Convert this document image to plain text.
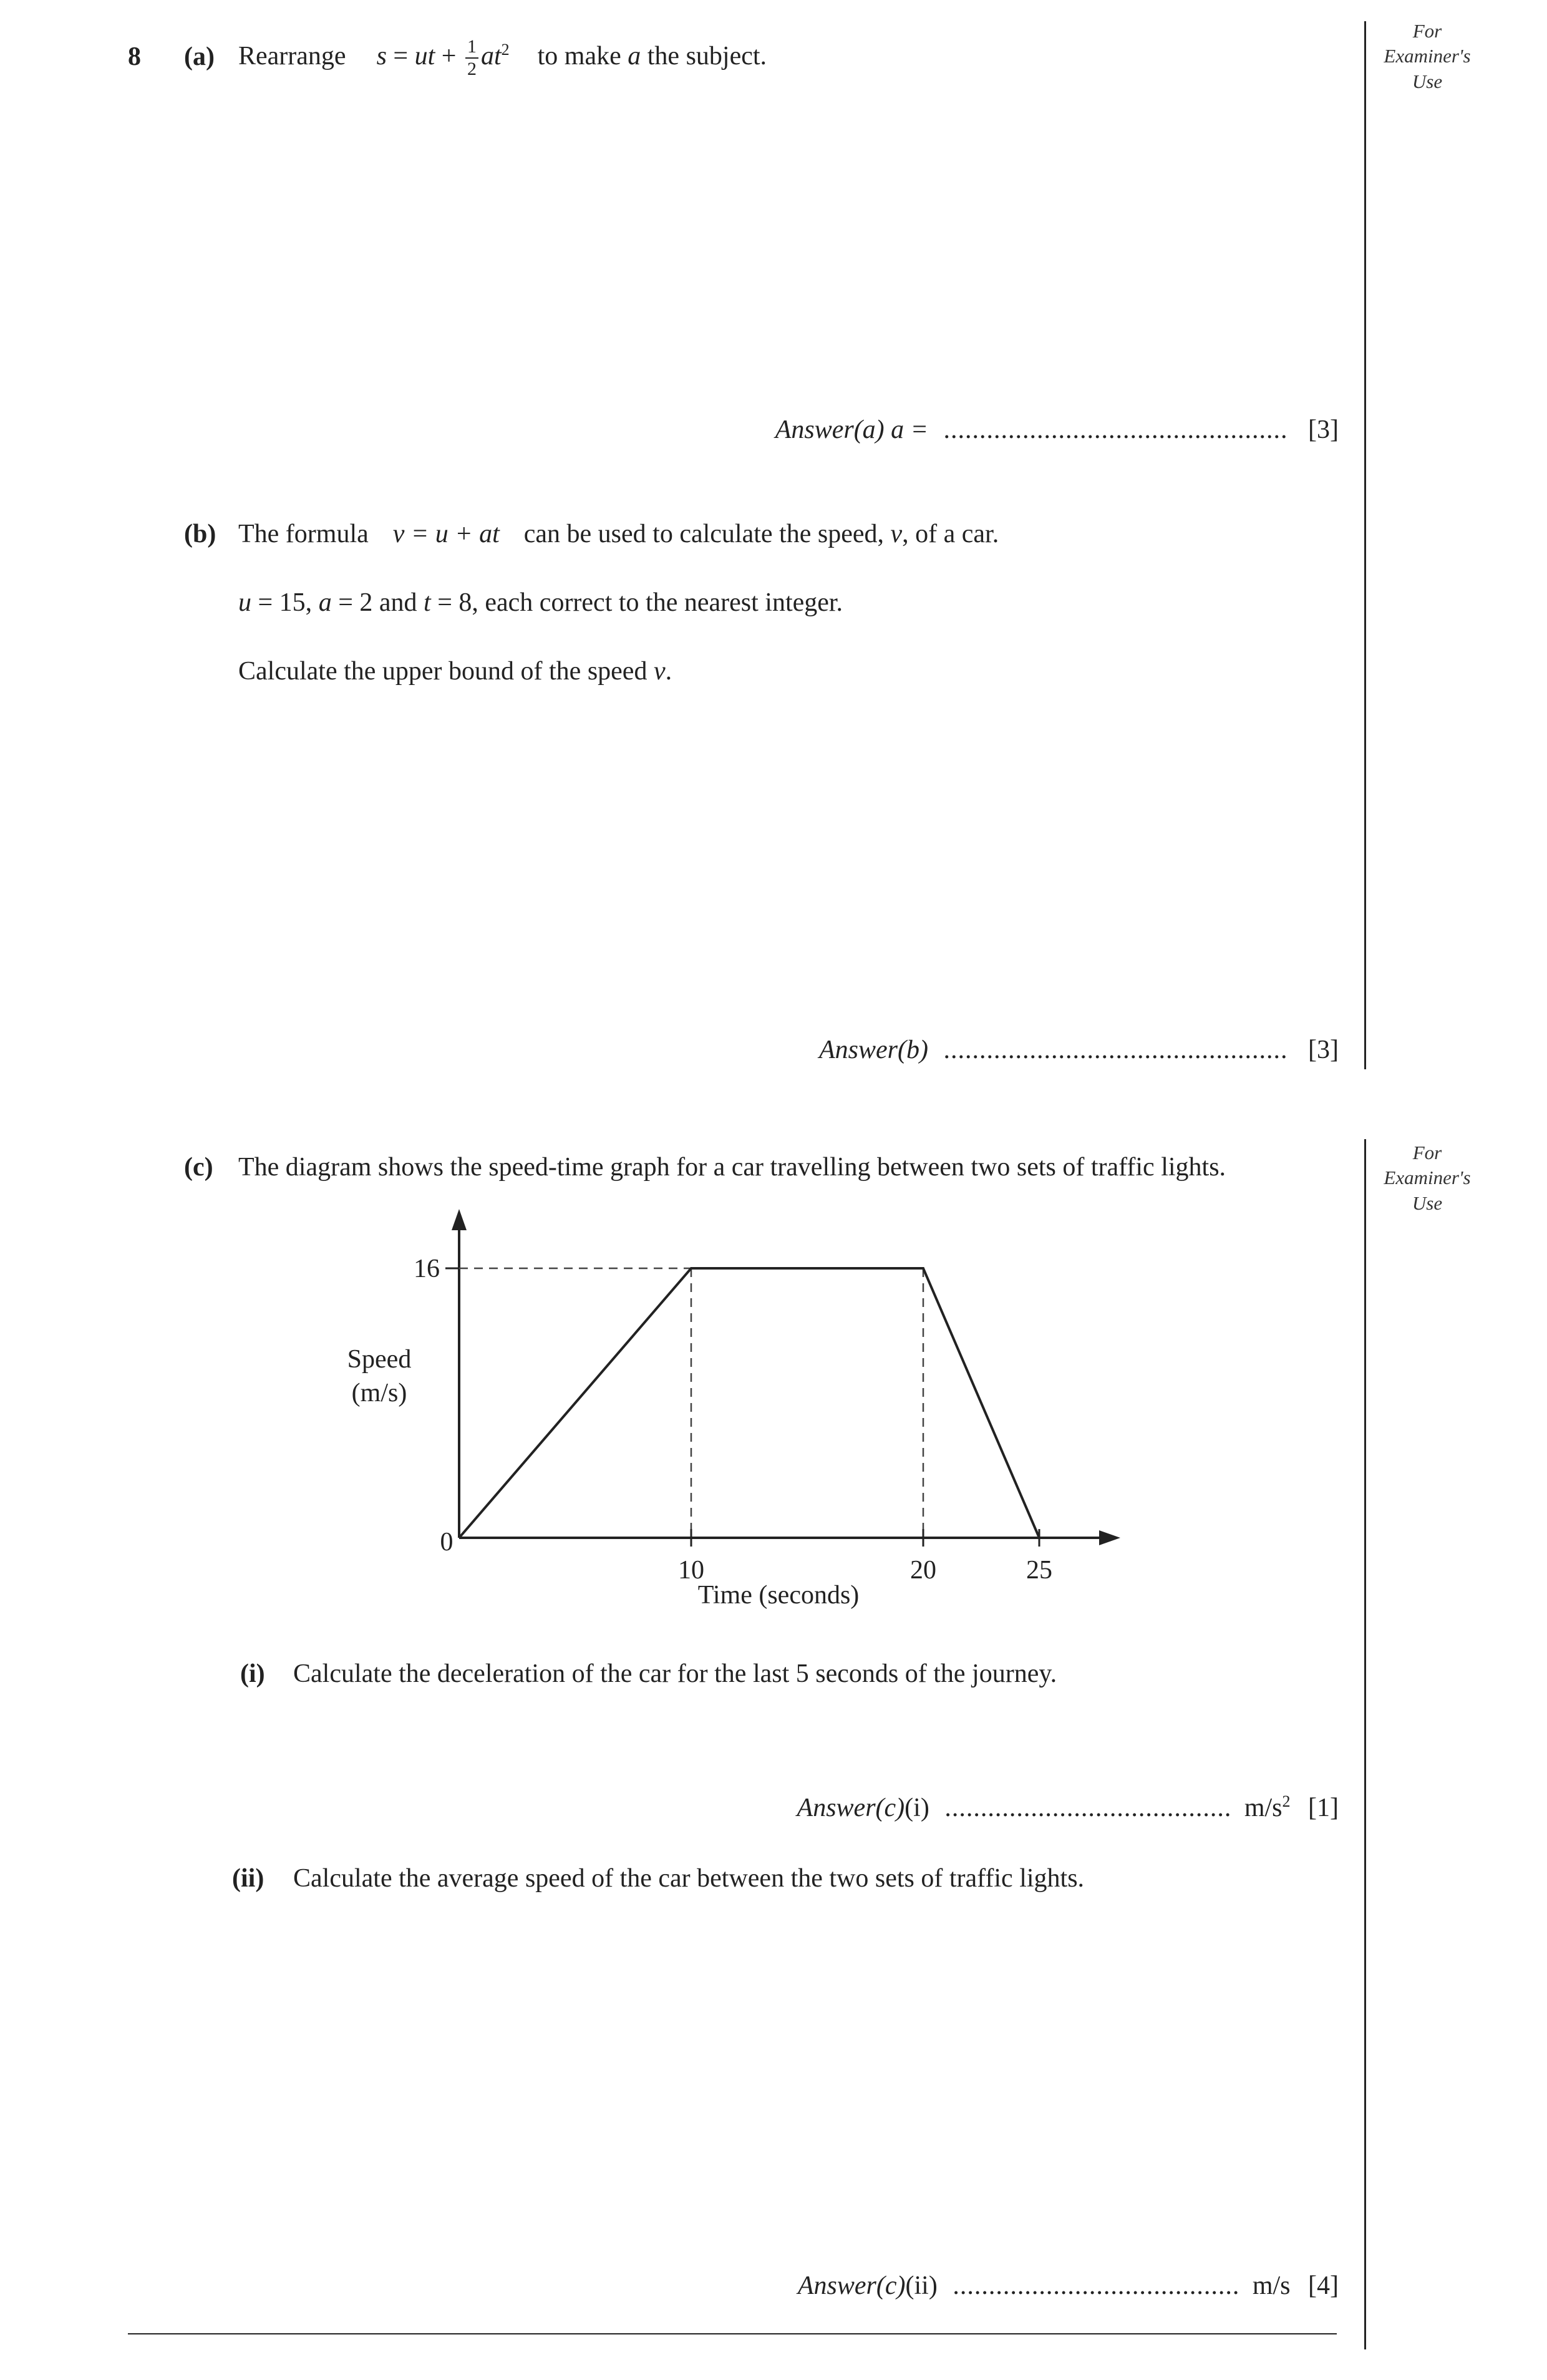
For
Examiner's
Use
For
Examiner's
Use
8 (a) Rearrange s = ut + $\frac{1}{2} at^2$ to make a the subject.
Answer(a) a = ................................................ [3]
(b) The formula v = u + at can be used to calculate the speed, v, of a car.
u = 15, a = 2 and t = 8, each correct to the nearest integer.
Calculate the upper bound of the speed v.
Answer(b) ................................................ [3]
(c) The diagram shows the speed-time graph for a car travelling between two sets of traffic lights.
16
0
10	20	25
Time (seconds)
Speed
(m/s)
(i) Calculate the deceleration of the car for the last 5 seconds of the journey.
Answer(c)(i) ........................................ $m/s^2$ [1]
(ii) Calculate the average speed of the car between the two sets of traffic lights.
Answer(c)(ii) ........................................ m/s [4]
